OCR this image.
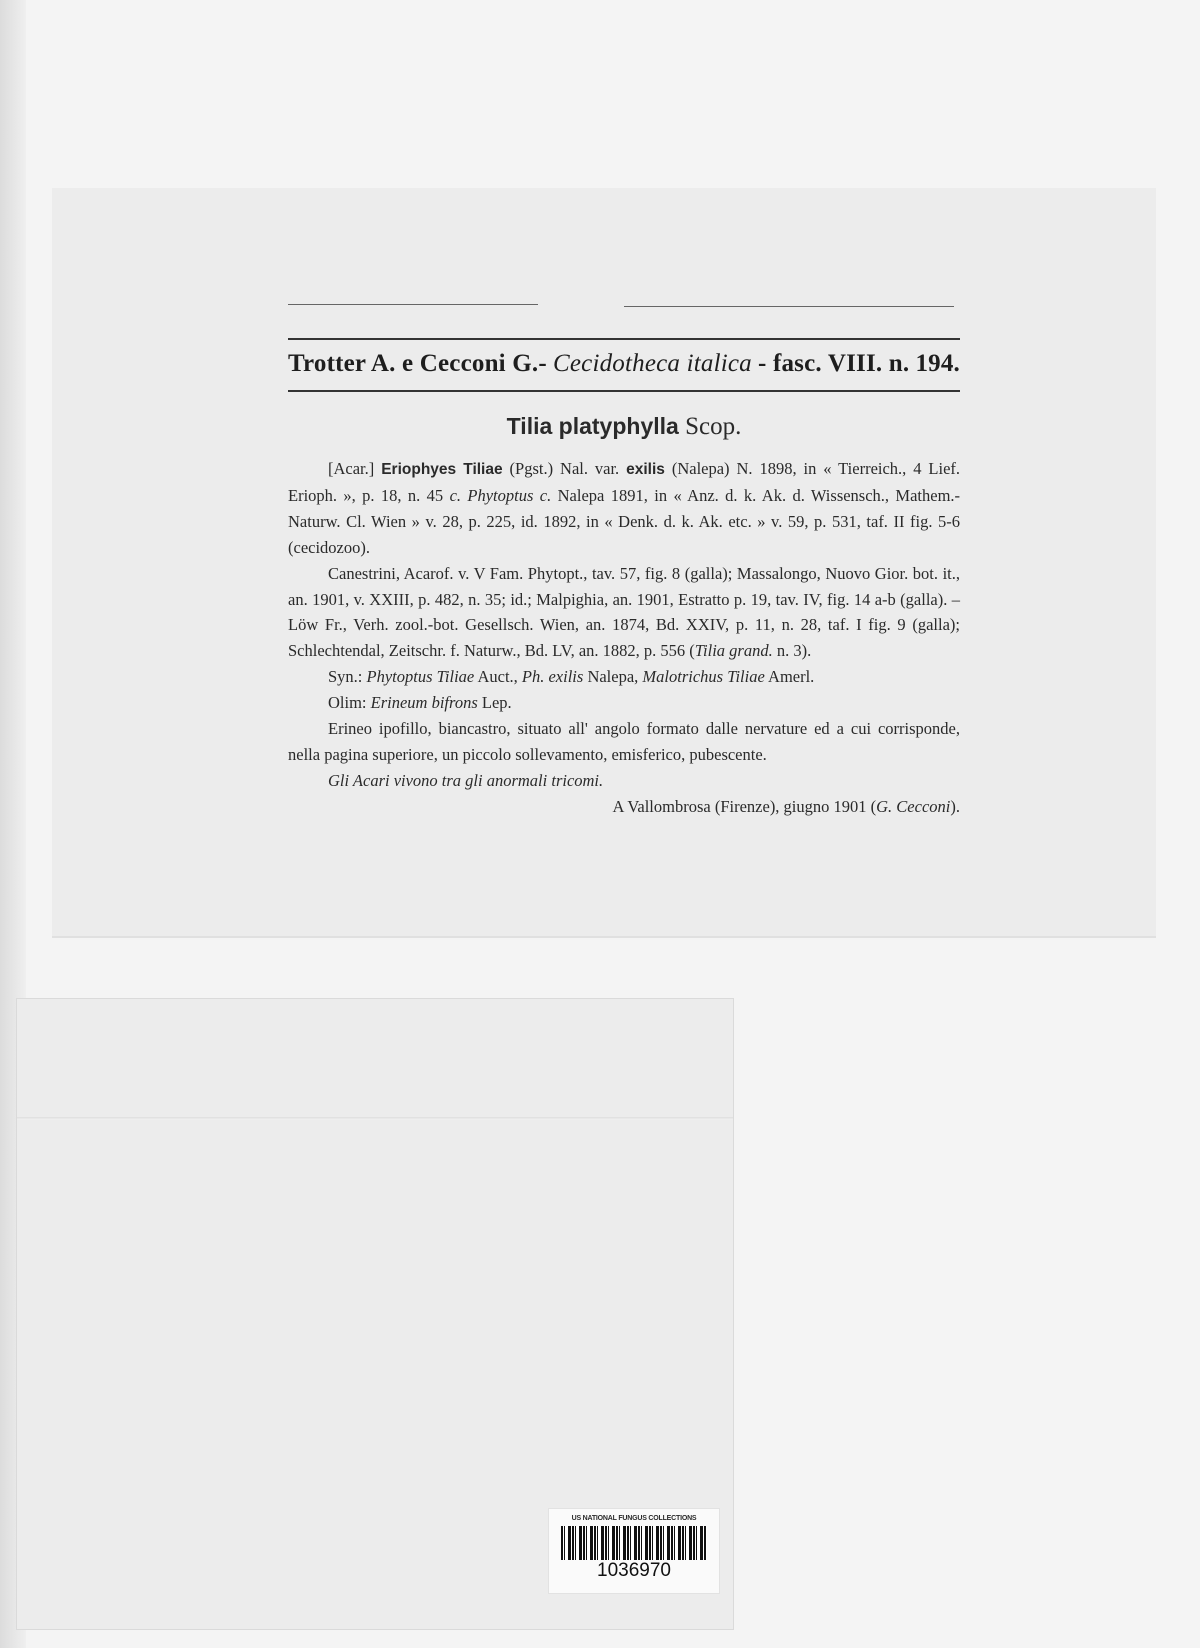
Trotter A. e Cecconi G.- Cecidotheca italica - fasc. VIII. n. 194.
Tilia platyphylla Scop.

[Acar.] Eriophyes Tiliae (Pgst.) Nal. var. exilis (Nalepa) N. 1898, in « Tierreich., 4 Lief. Erioph. », p. 18, n. 45 c. Phytoptus c. Nalepa 1891, in « Anz. d. k. Ak. d. Wissensch., Mathem.-Naturw. Cl. Wien » v. 28, p. 225, id. 1892, in « Denk. d. k. Ak. etc. » v. 59, p. 531, taf. II fig. 5-6 (cecidozoo).

Canestrini, Acarof. v. V Fam. Phytopt., tav. 57, fig. 8 (galla); Massalongo, Nuovo Gior. bot. it., an. 1901, v. XXIII, p. 482, n. 35; id.; Malpighia, an. 1901, Estratto p. 19, tav. IV, fig. 14 a-b (galla). – Löw Fr., Verh. zool.-bot. Gesellsch. Wien, an. 1874, Bd. XXIV, p. 11, n. 28, taf. I fig. 9 (galla); Schlechtendal, Zeitschr. f. Naturw., Bd. LV, an. 1882, p. 556 (Tilia grand. n. 3).

Syn.: Phytoptus Tiliae Auct., Ph. exilis Nalepa, Malotrichus Tiliae Amerl.

Olim: Erineum bifrons Lep.

Erineo ipofillo, biancastro, situato all' angolo formato dalle nervature ed a cui corrisponde, nella pagina superiore, un piccolo sollevamento, emisferico, pubescente.

Gli Acari vivono tra gli anormali tricomi.

A Vallombrosa (Firenze), giugno 1901 (G. Cecconi).

US NATIONAL FUNGUS COLLECTIONS
1036970
